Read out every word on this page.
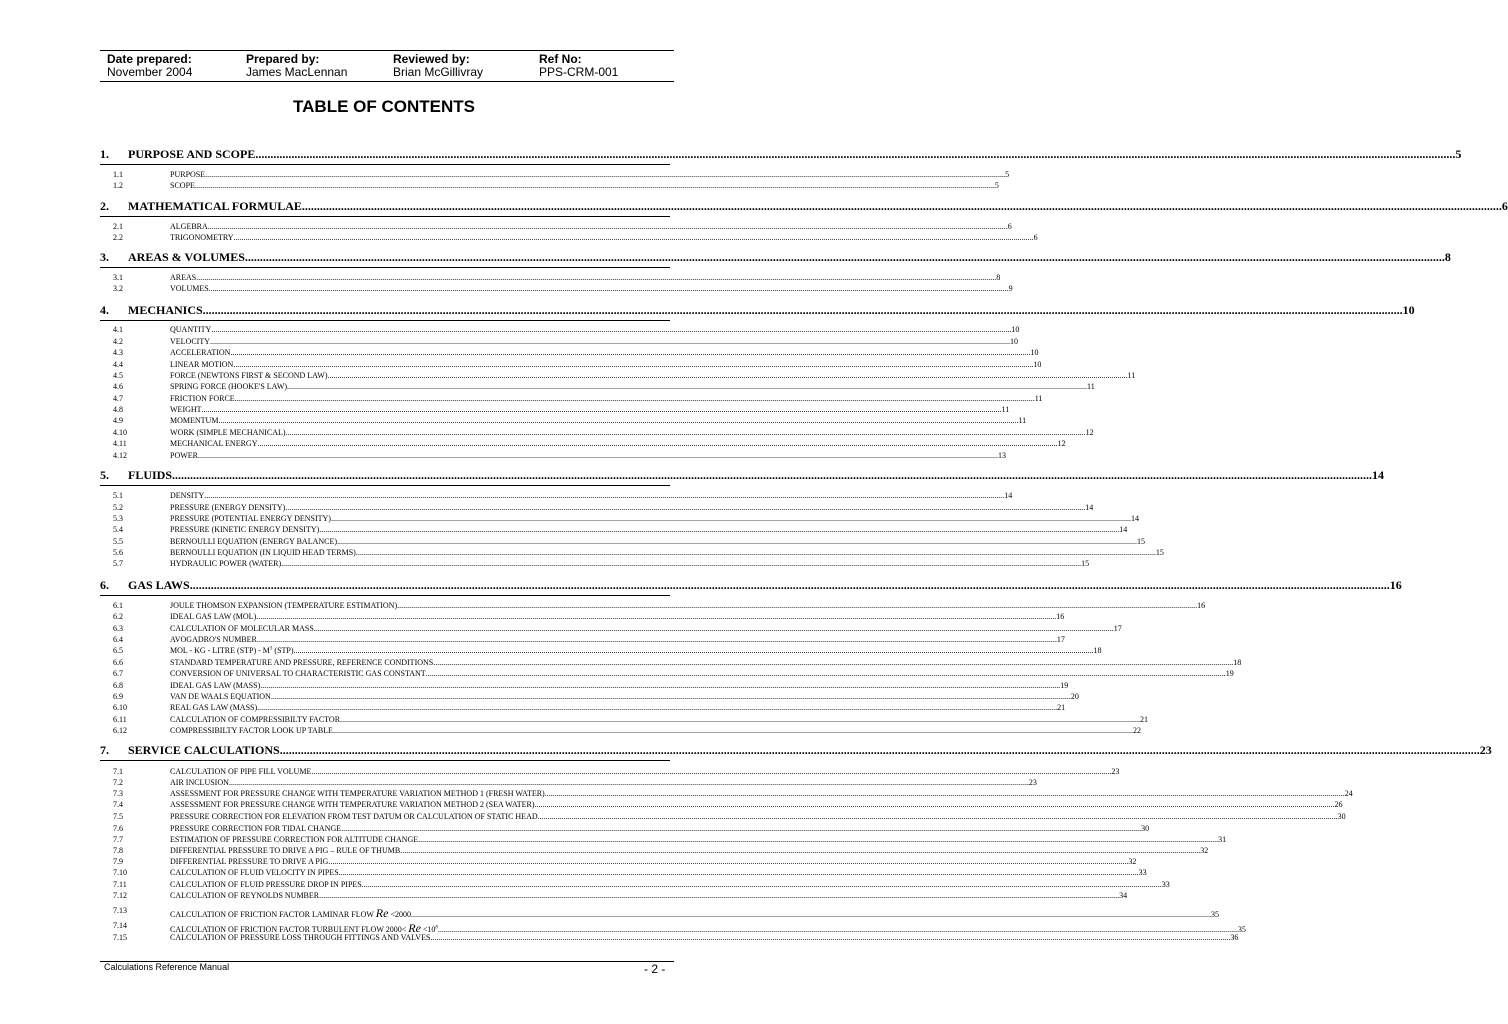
Date prepared:
November 2004
Prepared by:
James MacLennan
Reviewed by:
Brian McGillivray
Ref No:
PPS-CRM-001
TABLE OF CONTENTS
1. PURPOSE AND SCOPE .....	5
1.1	PURPOSE .....	5
1.2	SCOPE .....	5
2. MATHEMATICAL FORMULAE .....	6
2.1	ALGEBRA .....	6
2.2	TRIGONOMETRY .....	6
3. AREAS & VOLUMES .....	8
3.1	AREAS .....	8
3.2	VOLUMES .....	9
4. MECHANICS .....	10
4.1	QUANTITY .....	10
4.2	VELOCITY .....	10
4.3	ACCELERATION .....	10
4.4	LINEAR MOTION .....	10
4.5	FORCE (NEWTONS FIRST & SECOND LAW) .....	11
4.6	SPRING FORCE (HOOKE'S LAW) .....	11
4.7	FRICTION FORCE .....	11
4.8	WEIGHT .....	11
4.9	MOMENTUM .....	11
4.10	WORK (SIMPLE MECHANICAL) .....	12
4.11	MECHANICAL ENERGY .....	12
4.12	POWER .....	13
5. FLUIDS .....	14
5.1	DENSITY .....	14
5.2	PRESSURE (ENERGY DENSITY) .....	14
5.3	PRESSURE (POTENTIAL ENERGY DENSITY) .....	14
5.4	PRESSURE (KINETIC ENERGY DENSITY) .....	14
5.5	BERNOULLI EQUATION (ENERGY BALANCE) .....	15
5.6	BERNOULLI EQUATION (IN LIQUID HEAD TERMS) .....	15
5.7	HYDRAULIC POWER (WATER) .....	15
6. GAS LAWS .....	16
6.1	JOULE THOMSON EXPANSION (TEMPERATURE ESTIMATION) .....	16
6.2	IDEAL GAS LAW (MOL) .....	16
6.3	CALCULATION OF MOLECULAR MASS .....	17
6.4	AVOGADRO'S NUMBER .....	17
6.5	MOL - KG - LITRE $(STP) - M^3$ (STP) .....	18
6.6	STANDARD TEMPERATURE AND PRESSURE, REFERENCE CONDITIONS .....	18
6.7	CONVERSION OF UNIVERSAL TO CHARACTERISTIC GAS CONSTANT .....	19
6.8	IDEAL GAS LAW (MASS) .....	19
6.9	VAN DE WAALS EQUATION .....	20
6.10	REAL GAS LAW (MASS) .....	21
6.11	CALCULATION OF COMPRESSIBILTY FACTOR .....	21
6.12	COMPRESSIBILTY FACTOR LOOK UP TABLE .....	22
7. SERVICE CALCULATIONS .....	23
7.1	CALCULATION OF PIPE FILL VOLUME .....	23
7.2	AIR INCLUSION .....	23
7.3	ASSESSMENT FOR PRESSURE CHANGE WITH TEMPERATURE VARIATION METHOD 1 (FRESH WATER) .....	24
7.4	ASSESSMENT FOR PRESSURE CHANGE WITH TEMPERATURE VARIATION METHOD 2 (SEA WATER) .....	26
7.5	PRESSURE CORRECTION FOR ELEVATION FROM TEST DATUM OR CALCULATION OF STATIC HEAD .....	30
7.6	PRESSURE CORRECTION FOR TIDAL CHANGE .....	30
7.7	ESTIMATION OF PRESSURE CORRECTION FOR ALTITUDE CHANGE .....	31
7.8	DIFFERENTIAL PRESSURE TO DRIVE A PIG – RULE OF THUMB .....	32
7.9	DIFFERENTIAL PRESSURE TO DRIVE A PIG .....	32
7.10	CALCULATION OF FLUID VELOCITY IN PIPES .....	33
7.11	CALCULATION OF FLUID PRESSURE DROP IN PIPES .....	33
7.12	CALCULATION OF REYNOLDS NUMBER .....	34
7.13	CALCULATION OF FRICTION FACTOR LAMINAR FLOW Re <2000 .....	35
7.14	CALCULATION OF FRICTION FACTOR TURBULENT FLOW $2000< Re <10^8$ .....	35
7.15	CALCULATION OF PRESSURE LOSS THROUGH FITTINGS AND VALVES .....	36
Calculations Reference Manual	- 2 -
